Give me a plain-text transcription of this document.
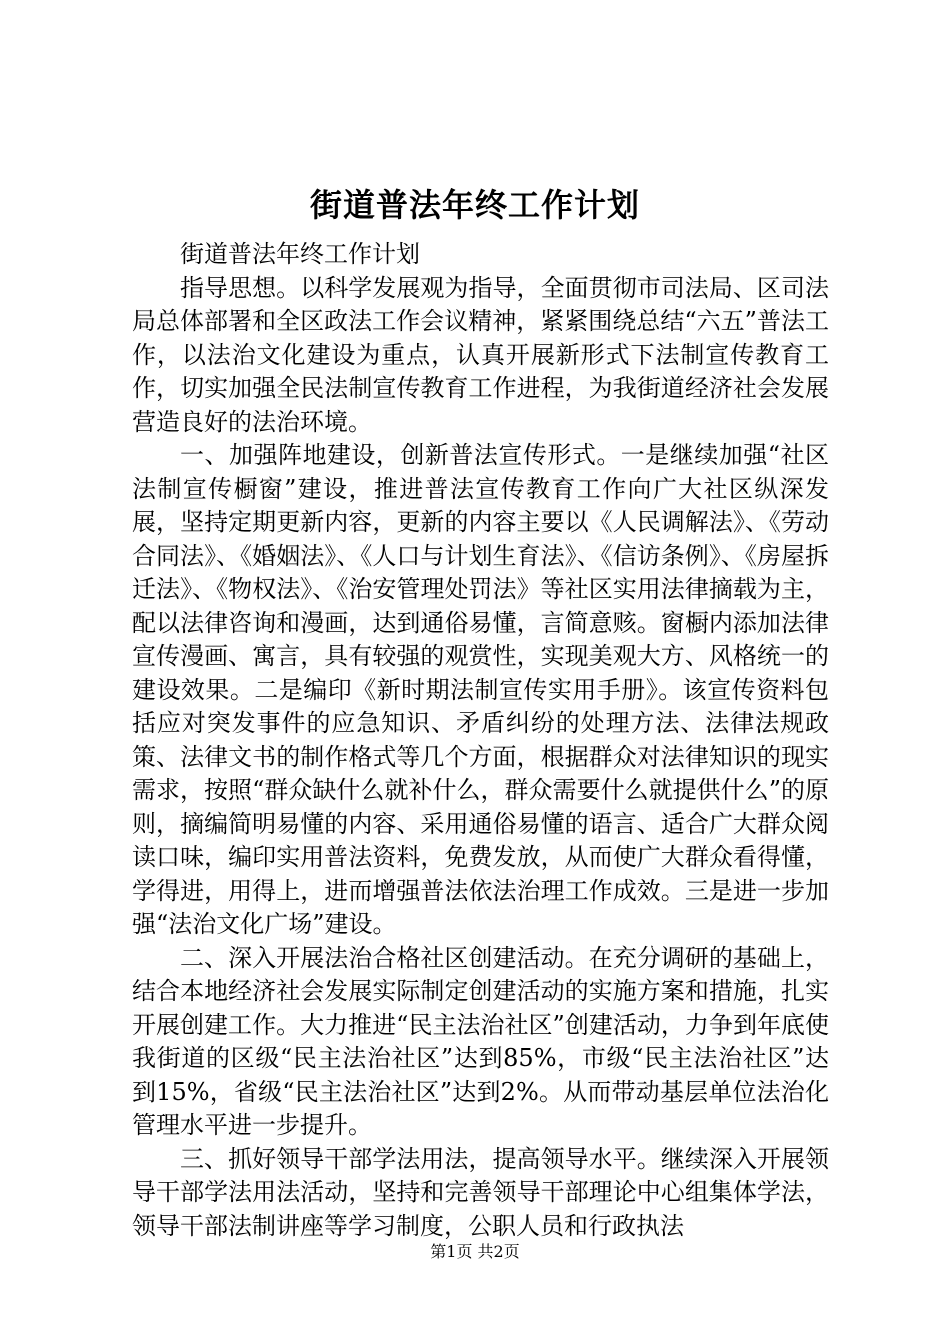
街道普法年终工作计划

街道普法年终工作计划

指导思想。以科学发展观为指导，全面贯彻市司法局、区司法局总体部署和全区政法工作会议精神，紧紧围绕总结“六五”普法工作，以法治文化建设为重点，认真开展新形式下法制宣传教育工作，切实加强全民法制宣传教育工作进程，为我街道经济社会发展营造良好的法治环境。

一、加强阵地建设，创新普法宣传形式。一是继续加强“社区法制宣传橱窗”建设，推进普法宣传教育工作向广大社区纵深发展，坚持定期更新内容，更新的内容主要以《人民调解法》、《劳动合同法》、《婚姻法》、《人口与计划生育法》、《信访条例》、《房屋拆迁法》、《物权法》、《治安管理处罚法》等社区实用法律摘载为主，配以法律咨询和漫画，达到通俗易懂，言简意赅。窗橱内添加法律宣传漫画、寓言，具有较强的观赏性，实现美观大方、风格统一的建设效果。二是编印《新时期法制宣传实用手册》。该宣传资料包括应对突发事件的应急知识、矛盾纠纷的处理方法、法律法规政策、法律文书的制作格式等几个方面，根据群众对法律知识的现实需求，按照“群众缺什么就补什么，群众需要什么就提供什么”的原则，摘编简明易懂的内容、采用通俗易懂的语言、适合广大群众阅读口味，编印实用普法资料，免费发放，从而使广大群众看得懂，学得进，用得上，进而增强普法依法治理工作成效。三是进一步加强“法治文化广场”建设。

二、深入开展法治合格社区创建活动。在充分调研的基础上，结合本地经济社会发展实际制定创建活动的实施方案和措施，扎实开展创建工作。大力推进“民主法治社区”创建活动，力争到年底使我街道的区级“民主法治社区”达到85%，市级“民主法治社区”达到15%，省级“民主法治社区”达到2%。从而带动基层单位法治化管理水平进一步提升。

三、抓好领导干部学法用法，提高领导水平。继续深入开展领导干部学法用法活动，坚持和完善领导干部理论中心组集体学法，领导干部法制讲座等学习制度，公职人员和行政执法

第1页 共2页
